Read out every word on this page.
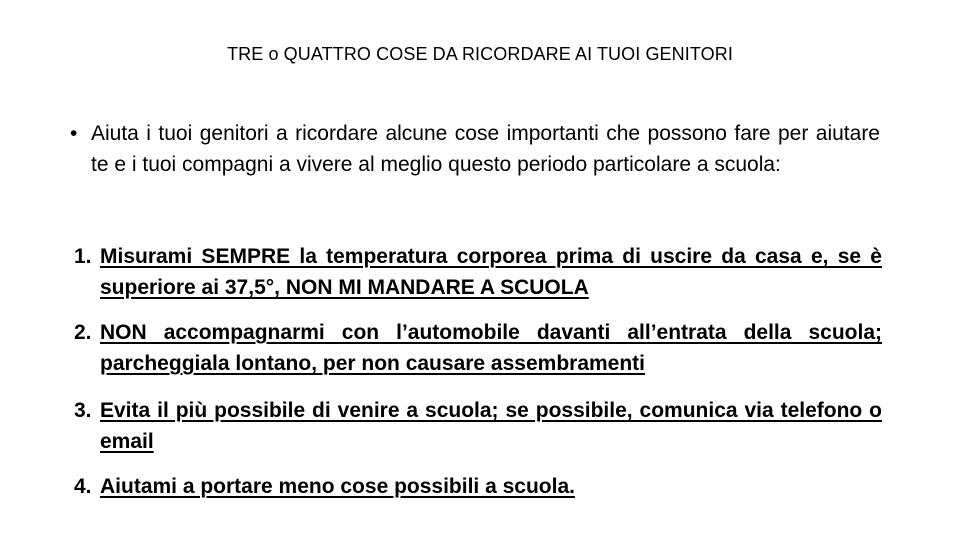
TRE o QUATTRO COSE DA RICORDARE AI TUOI GENITORI
• Aiuta i tuoi genitori a ricordare alcune cose importanti che possono fare per aiutare te e i tuoi compagni a vivere al meglio questo periodo particolare a scuola:
1. Misurami SEMPRE la temperatura corporea prima di uscire da casa e, se è superiore ai 37,5°, NON MI MANDARE A SCUOLA
2. NON accompagnarmi con l’automobile davanti all’entrata della scuola; parcheggiala lontano, per non causare assembramenti
3. Evita il più possibile di venire a scuola; se possibile, comunica via telefono o email
4. Aiutami a portare meno cose possibili a scuola.
